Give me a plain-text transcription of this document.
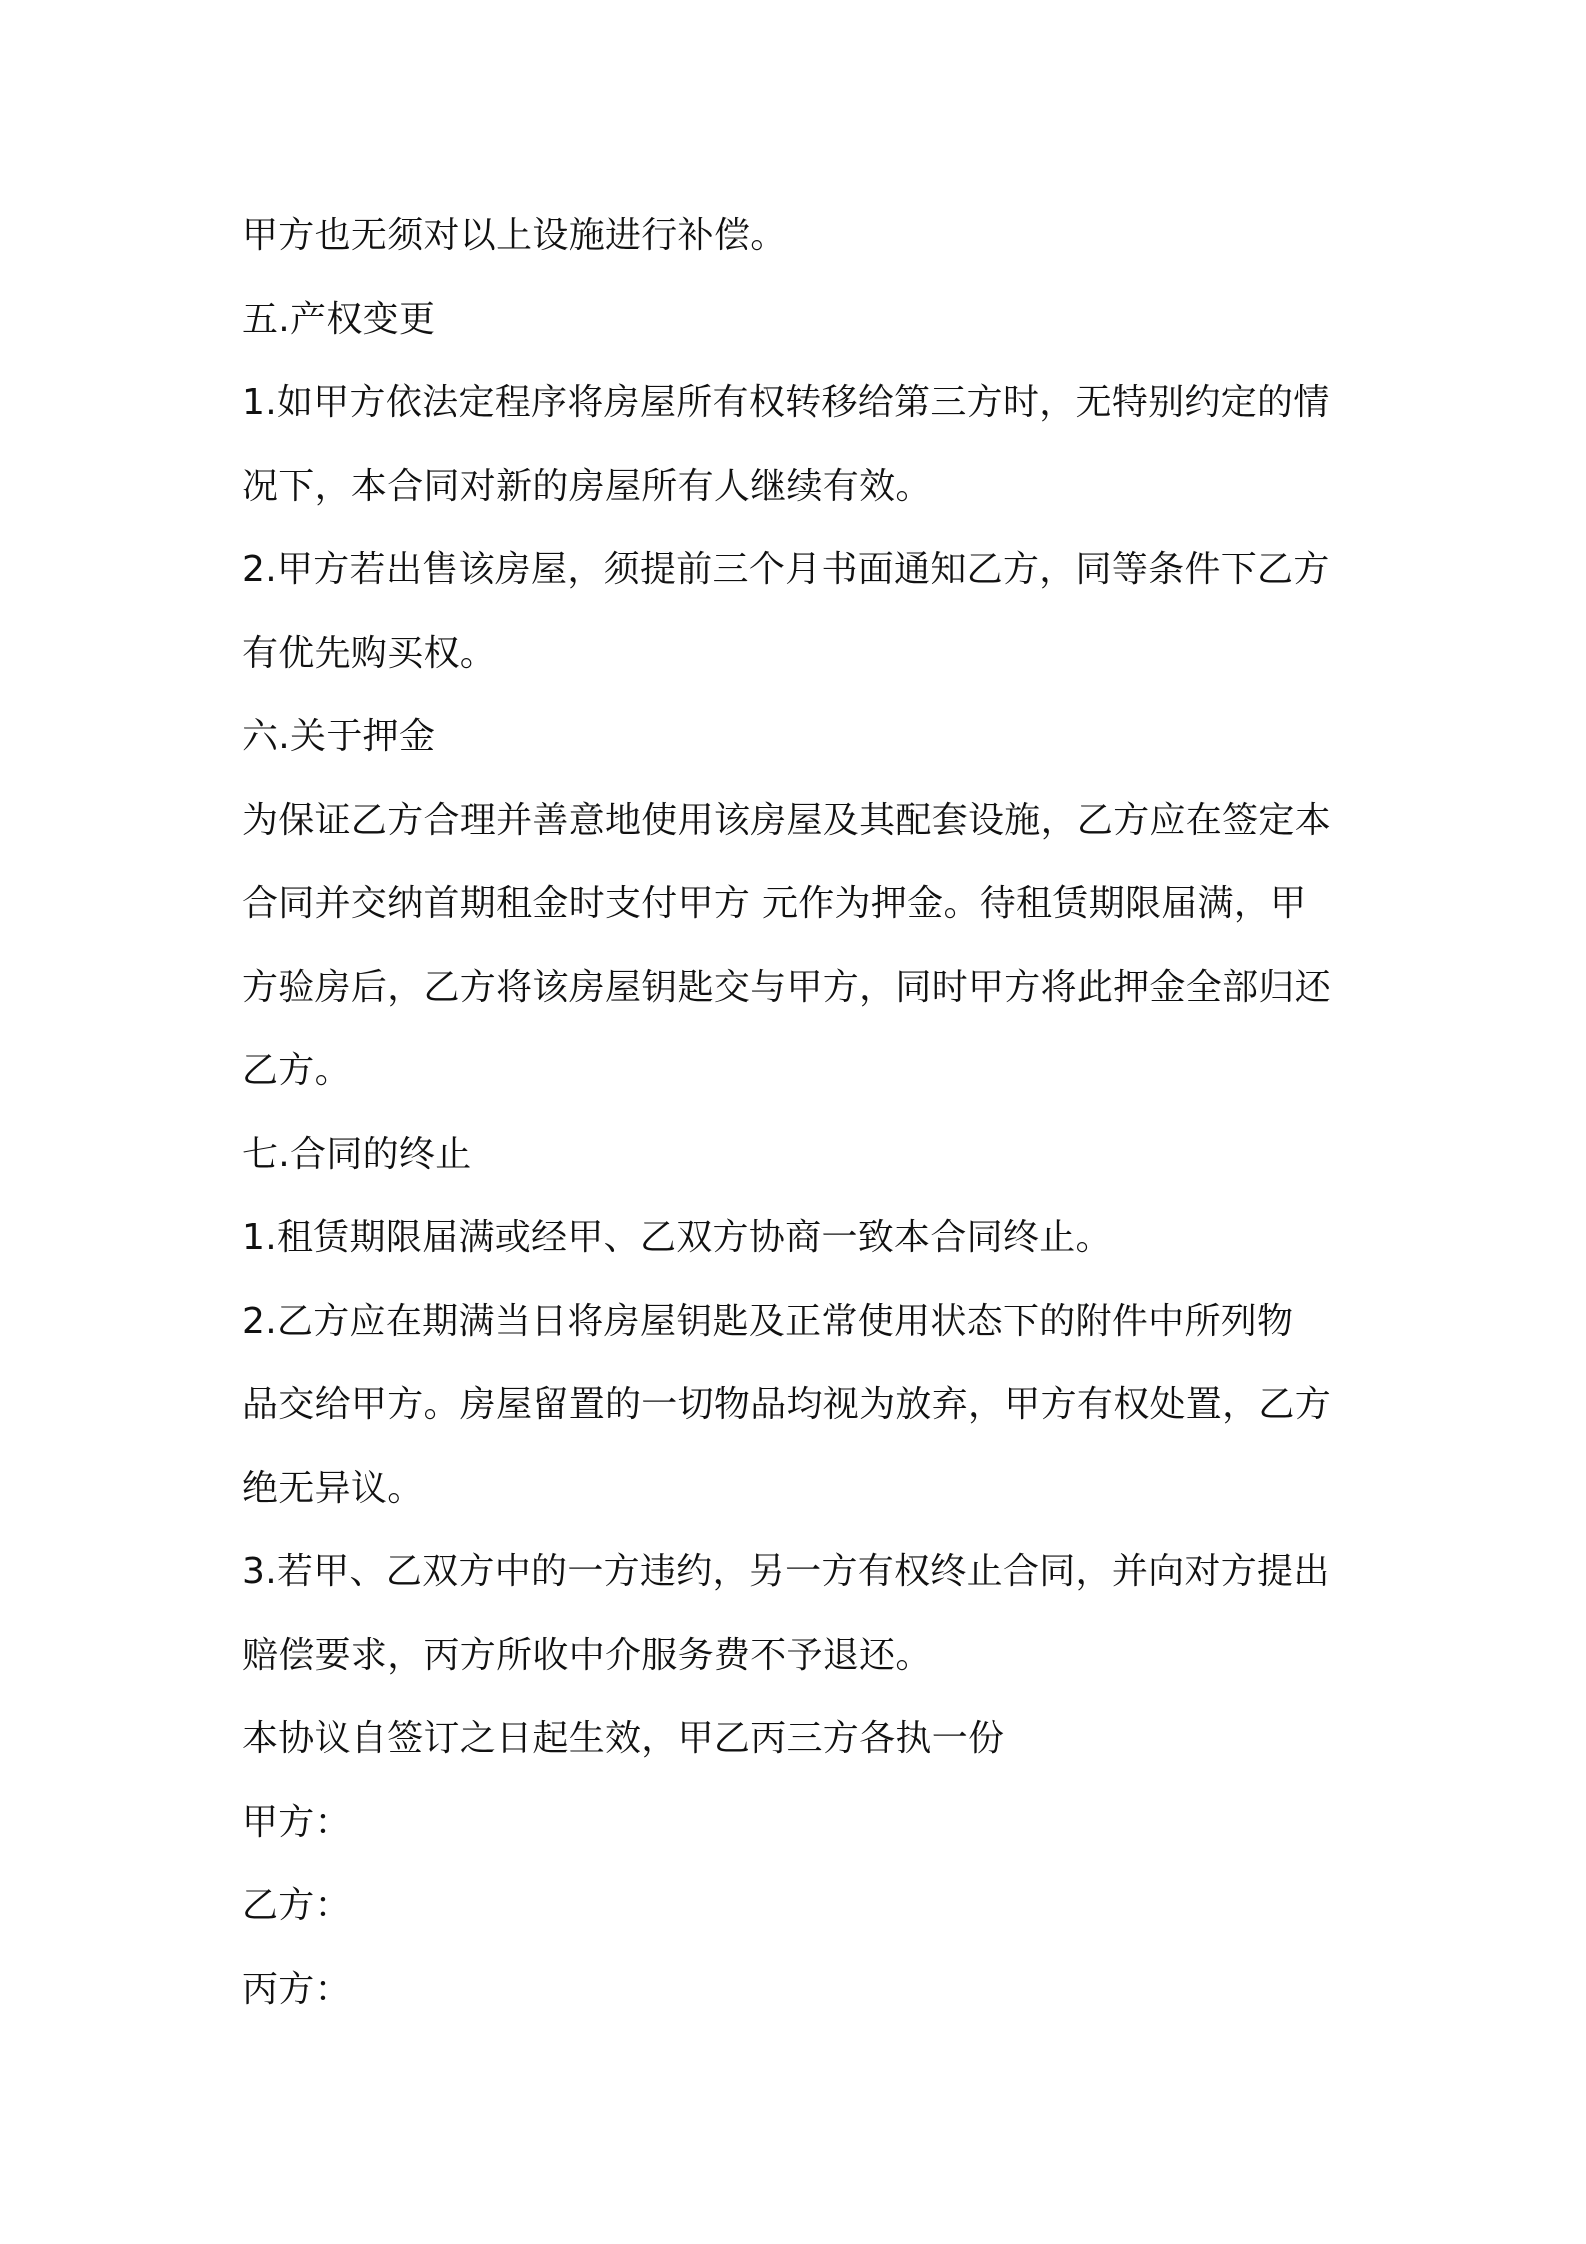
甲方也无须对以上设施进行补偿。
五.产权变更
1.如甲方依法定程序将房屋所有权转移给第三方时，无特别约定的情
况下，本合同对新的房屋所有人继续有效。
2.甲方若出售该房屋，须提前三个月书面通知乙方，同等条件下乙方
有优先购买权。
六.关于押金
为保证乙方合理并善意地使用该房屋及其配套设施，乙方应在签定本
合同并交纳首期租金时支付甲方 元作为押金。待租赁期限届满，甲
方验房后，乙方将该房屋钥匙交与甲方，同时甲方将此押金全部归还
乙方。
七.合同的终止
1.租赁期限届满或经甲、乙双方协商一致本合同终止。
2.乙方应在期满当日将房屋钥匙及正常使用状态下的附件中所列物
品交给甲方。房屋留置的一切物品均视为放弃，甲方有权处置，乙方
绝无异议。
3.若甲、乙双方中的一方违约，另一方有权终止合同，并向对方提出
赔偿要求，丙方所收中介服务费不予退还。
本协议自签订之日起生效，甲乙丙三方各执一份
甲方：
乙方：
丙方：
